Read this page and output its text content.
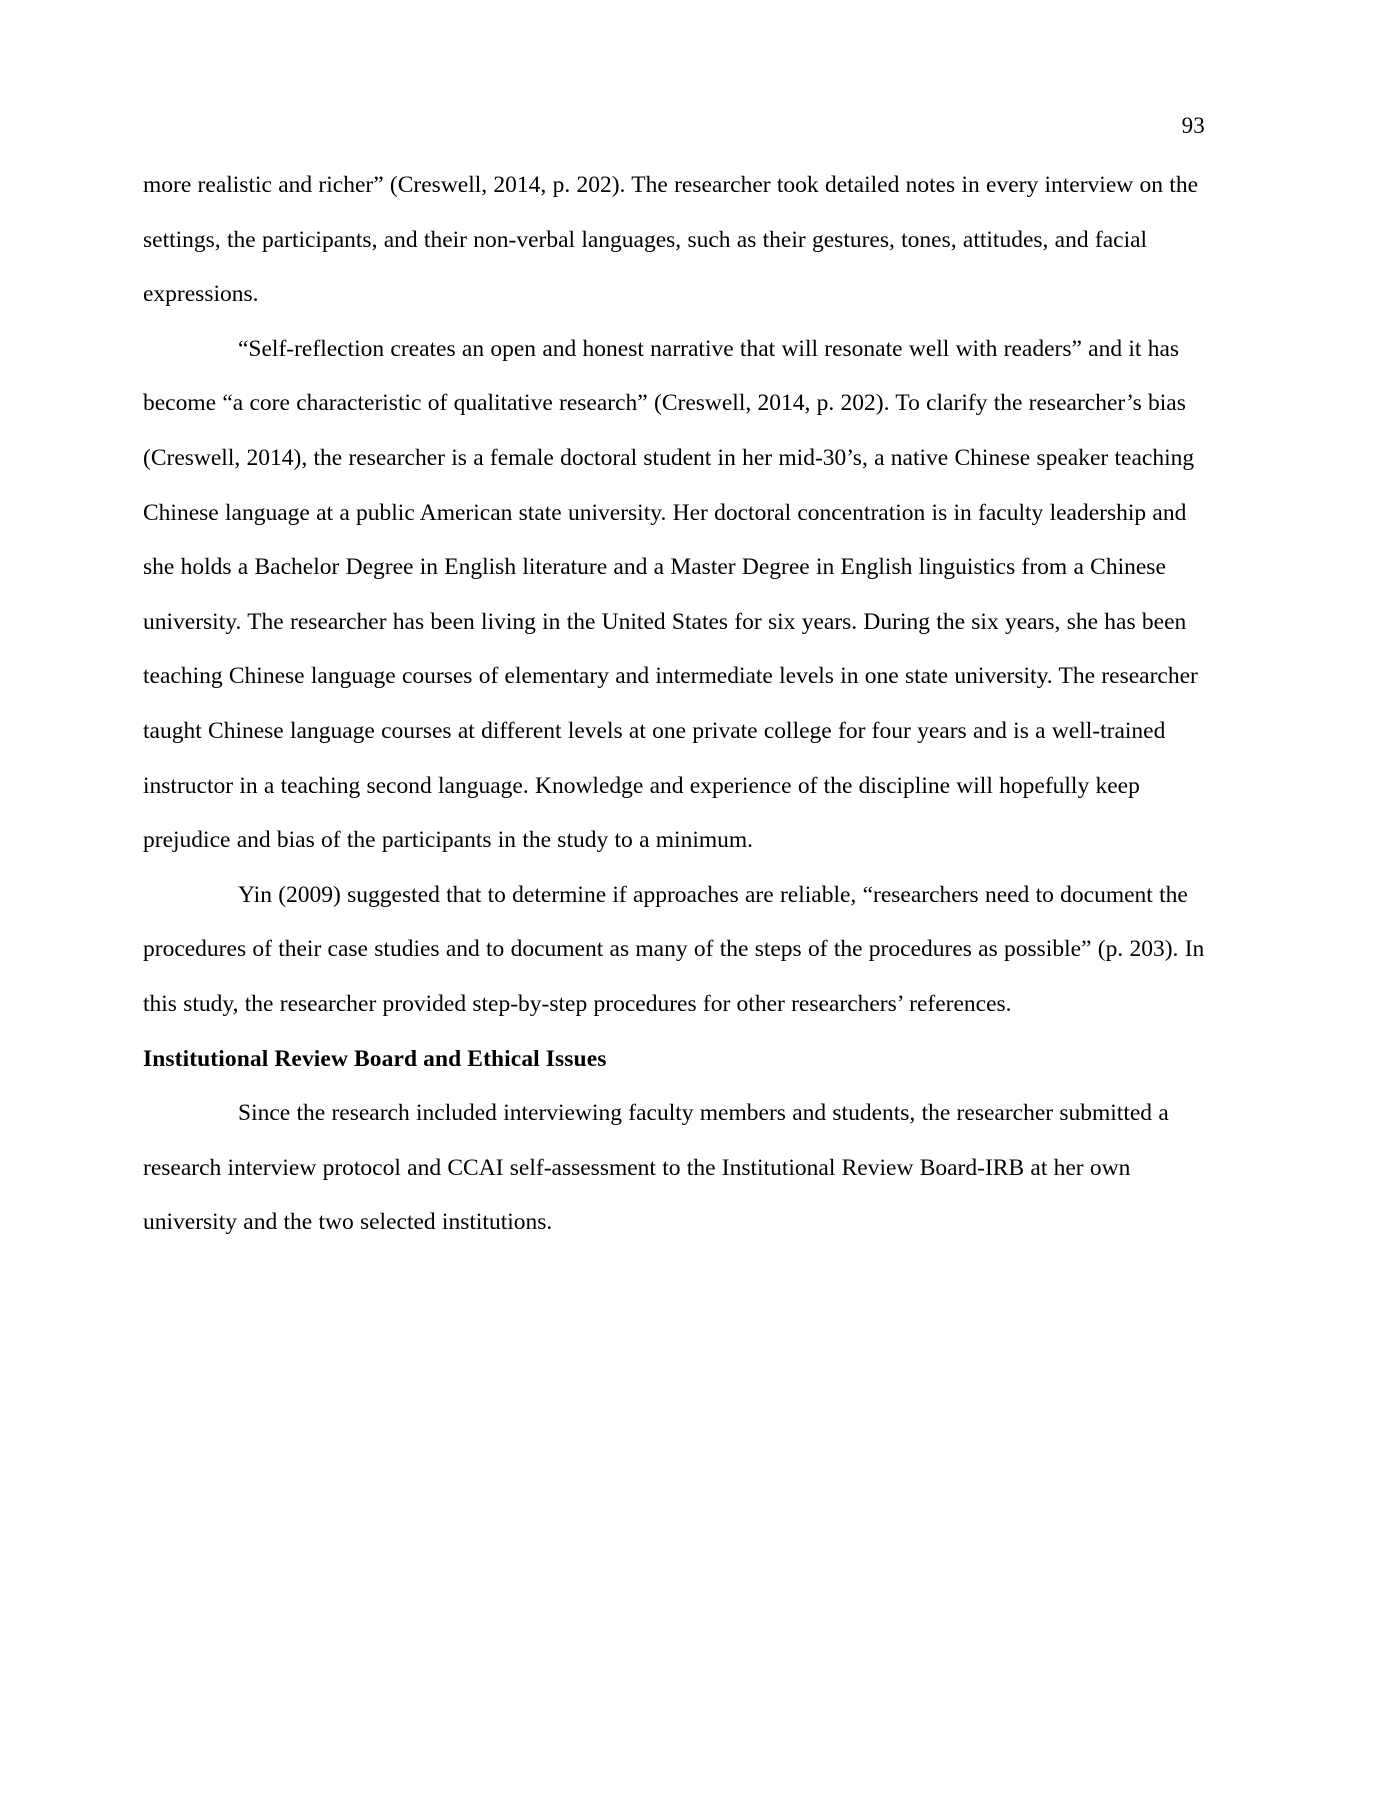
93

more realistic and richer” (Creswell, 2014, p. 202). The researcher took detailed notes in every interview on the settings, the participants, and their non-verbal languages, such as their gestures, tones, attitudes, and facial expressions.

“Self-reflection creates an open and honest narrative that will resonate well with readers” and it has become “a core characteristic of qualitative research” (Creswell, 2014, p. 202). To clarify the researcher’s bias (Creswell, 2014), the researcher is a female doctoral student in her mid-30’s, a native Chinese speaker teaching Chinese language at a public American state university. Her doctoral concentration is in faculty leadership and she holds a Bachelor Degree in English literature and a Master Degree in English linguistics from a Chinese university. The researcher has been living in the United States for six years. During the six years, she has been teaching Chinese language courses of elementary and intermediate levels in one state university. The researcher taught Chinese language courses at different levels at one private college for four years and is a well-trained instructor in a teaching second language. Knowledge and experience of the discipline will hopefully keep prejudice and bias of the participants in the study to a minimum.

Yin (2009) suggested that to determine if approaches are reliable, “researchers need to document the procedures of their case studies and to document as many of the steps of the procedures as possible” (p. 203). In this study, the researcher provided step-by-step procedures for other researchers’ references.

Institutional Review Board and Ethical Issues

Since the research included interviewing faculty members and students, the researcher submitted a research interview protocol and CCAI self-assessment to the Institutional Review Board-IRB at her own university and the two selected institutions.
